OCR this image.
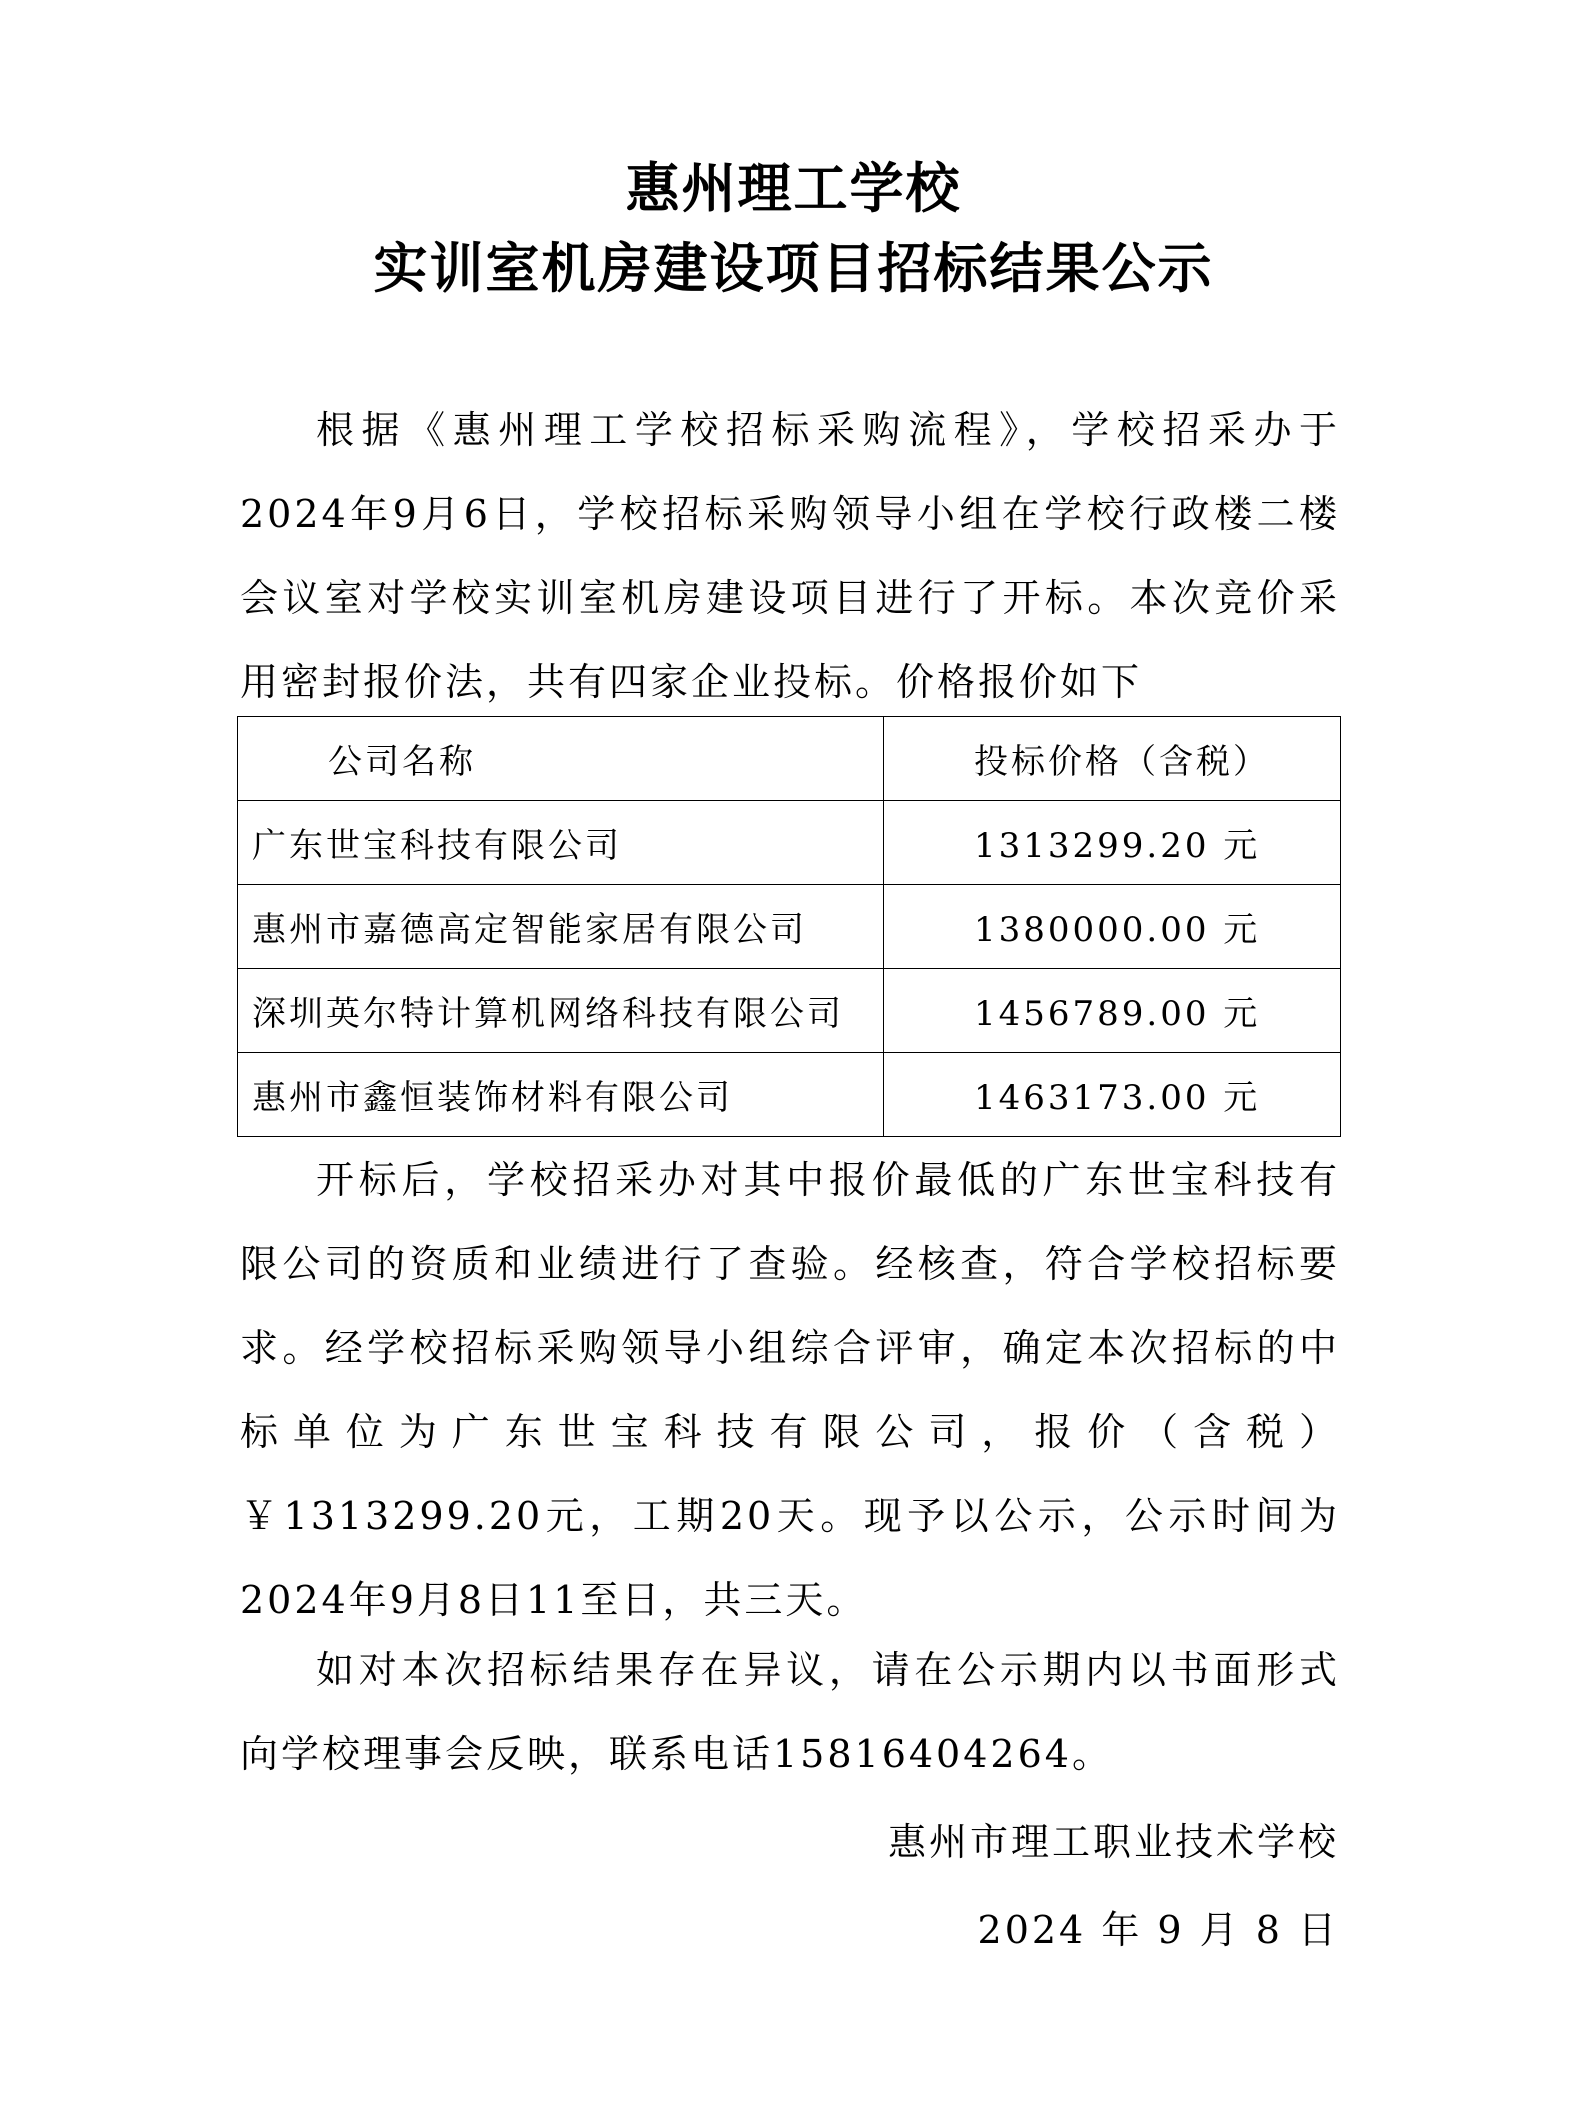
惠州理工学校
实训室机房建设项目招标结果公示

根据《惠州理工学校招标采购流程》，学校招采办于2024年9月6日，学校招标采购领导小组在学校行政楼二楼会议室对学校实训室机房建设项目进行了开标。本次竞价采用密封报价法，共有四家企业投标。价格报价如下

公司名称	投标价格（含税）
广东世宝科技有限公司	1313299.20 元
惠州市嘉德高定智能家居有限公司	1380000.00 元
深圳英尔特计算机网络科技有限公司	1456789.00 元
惠州市鑫恒装饰材料有限公司	1463173.00 元

开标后，学校招采办对其中报价最低的广东世宝科技有限公司的资质和业绩进行了查验。经核查，符合学校招标要求。经学校招标采购领导小组综合评审，确定本次招标的中标单位为广东世宝科技有限公司，报价（含税）￥1313299.20元，工期20天。现予以公示，公示时间为2024年9月8日11至日，共三天。

如对本次招标结果存在异议，请在公示期内以书面形式向学校理事会反映，联系电话15816404264。

惠州市理工职业技术学校
2024 年 9 月 8 日
